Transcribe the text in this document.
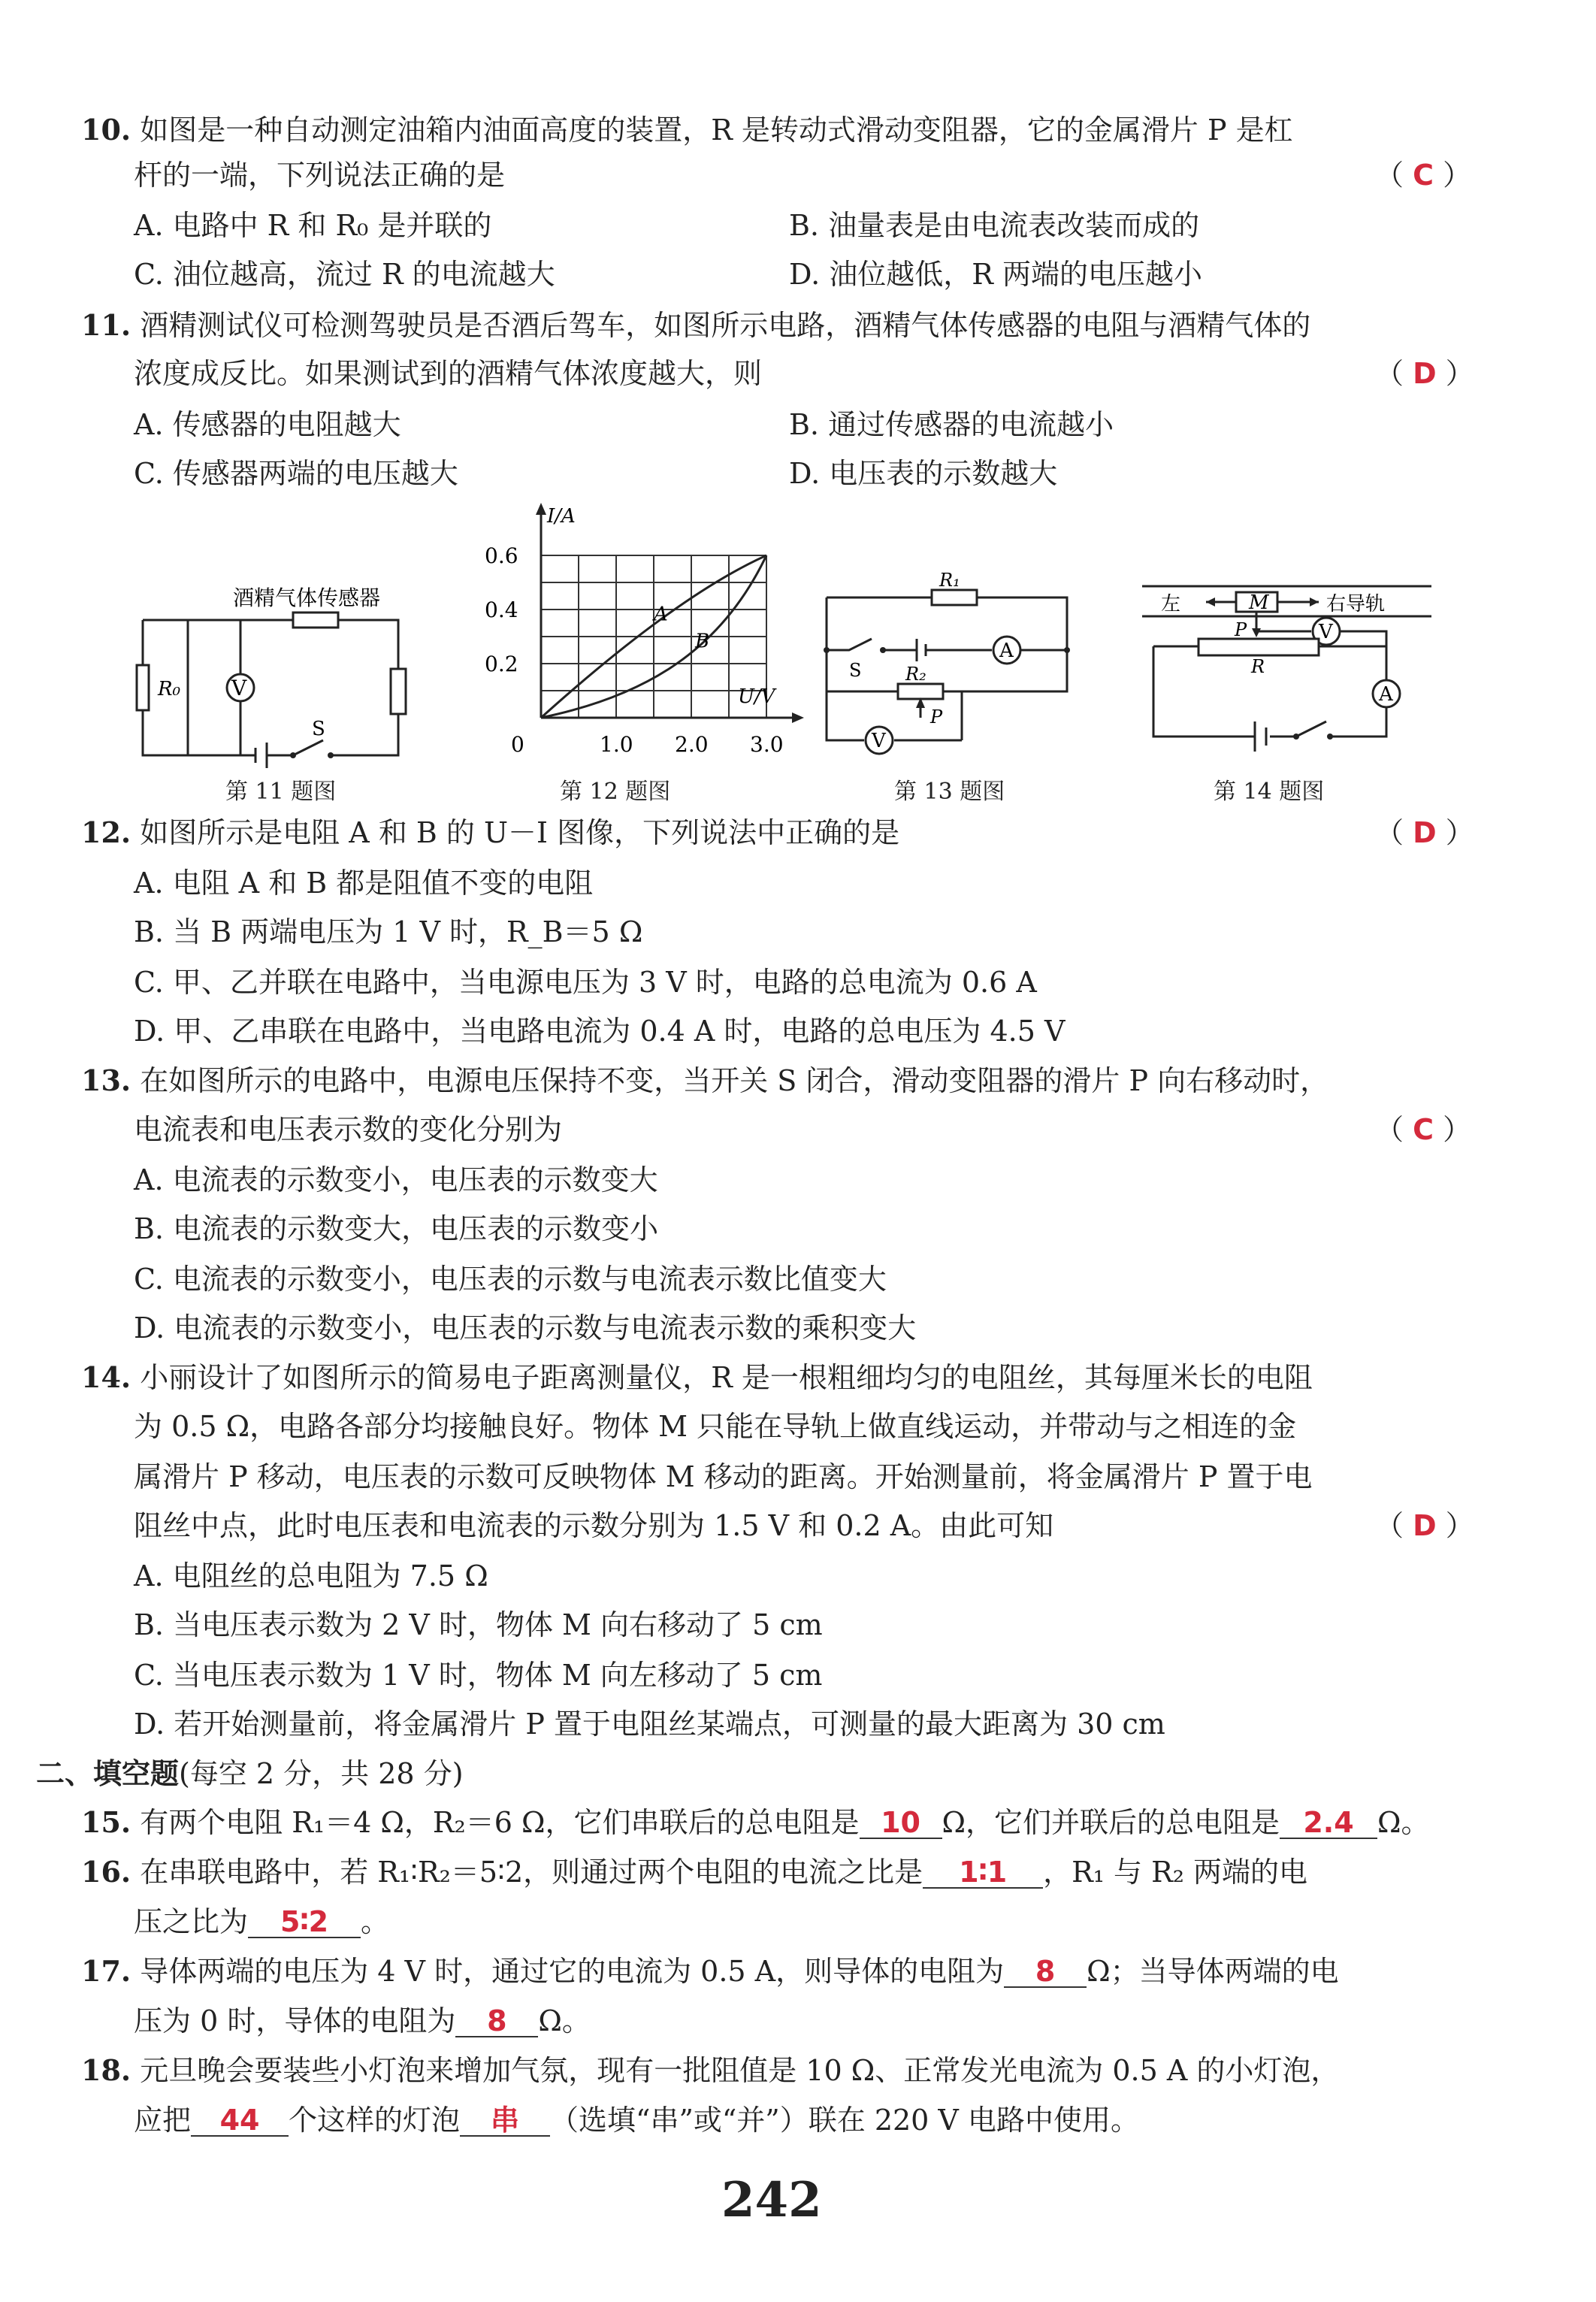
10. 如图是一种自动测定油箱内油面高度的装置，R 是转动式滑动变阻器，它的金属滑片 P 是杠
杆的一端，下列说法正确的是	（ C ）
A. 电路中 R 和 R₀ 是并联的	B. 油量表是由电流表改装而成的
C. 油位越高，流过 R 的电流越大	D. 油位越低，R 两端的电压越小
11. 酒精测试仪可检测驾驶员是否酒后驾车，如图所示电路，酒精气体传感器的电阻与酒精气体的
浓度成反比。如果测试到的酒精气体浓度越大，则	（ D ）
A. 传感器的电阻越大	B. 通过传感器的电流越小
C. 传感器两端的电压越大	D. 电压表的示数越大
V
R₀
S
酒精气体传感器
第 11 题图
I/A
U/V
0
0.6
0.4
0.2
1.0 2.0 3.0
A
B
第 12 题图
R₁
R₂
S
P
A
V
第 13 题图
左	M	右导轨
P
R
V
A
第 14 题图
12. 如图所示是电阻 A 和 B 的 U－I 图像，下列说法中正确的是	（ D ）
A. 电阻 A 和 B 都是阻值不变的电阻
B. 当 B 两端电压为 1 V 时，R_B＝5 Ω
C. 甲、乙并联在电路中，当电源电压为 3 V 时，电路的总电流为 0.6 A
D. 甲、乙串联在电路中，当电路电流为 0.4 A 时，电路的总电压为 4.5 V
13. 在如图所示的电路中，电源电压保持不变，当开关 S 闭合，滑动变阻器的滑片 P 向右移动时，
电流表和电压表示数的变化分别为	（ C ）
A. 电流表的示数变小，电压表的示数变大
B. 电流表的示数变大，电压表的示数变小
C. 电流表的示数变小，电压表的示数与电流表示数比值变大
D. 电流表的示数变小，电压表的示数与电流表示数的乘积变大
14. 小丽设计了如图所示的简易电子距离测量仪，R 是一根粗细均匀的电阻丝，其每厘米长的电阻
为 0.5 Ω，电路各部分均接触良好。物体 M 只能在导轨上做直线运动，并带动与之相连的金
属滑片 P 移动，电压表的示数可反映物体 M 移动的距离。开始测量前，将金属滑片 P 置于电
阻丝中点，此时电压表和电流表的示数分别为 1.5 V 和 0.2 A。由此可知	（ D ）
A. 电阻丝的总电阻为 7.5 Ω
B. 当电压表示数为 2 V 时，物体 M 向右移动了 5 cm
C. 当电压表示数为 1 V 时，物体 M 向左移动了 5 cm
D. 若开始测量前，将金属滑片 P 置于电阻丝某端点，可测量的最大距离为 30 cm
二、填空题(每空 2 分，共 28 分)
15. 有两个电阻 R₁＝4 Ω，R₂＝6 Ω，它们串联后的总电阻是 10 Ω，它们并联后的总电阻是 2.4 Ω。
16. 在串联电路中，若 R₁∶R₂＝5∶2，则通过两个电阻的电流之比是 1∶1 ，R₁ 与 R₂ 两端的电
压之比为 5∶2 。
17. 导体两端的电压为 4 V 时，通过它的电流为 0.5 A，则导体的电阻为 8 Ω；当导体两端的电
压为 0 时，导体的电阻为 8 Ω。
18. 元旦晚会要装些小灯泡来增加气氛，现有一批阻值是 10 Ω、正常发光电流为 0.5 A 的小灯泡，
应把 44 个这样的灯泡 串 （选填“串”或“并”）联在 220 V 电路中使用。
242
